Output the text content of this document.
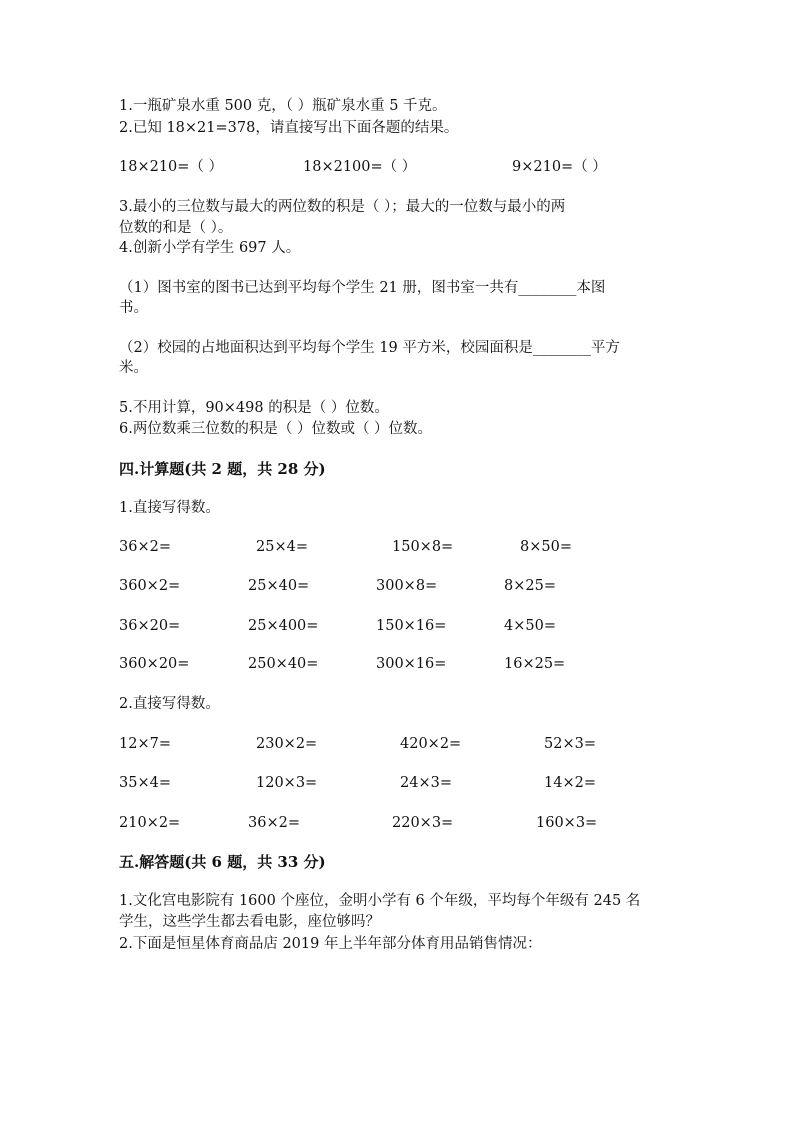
1.一瓶矿泉水重 500 克，（ ）瓶矿泉水重 5 千克。
2.已知 18×21=378，请直接写出下面各题的结果。
18×210=（ ）	18×2100=（ ）	9×210=（ ）
3.最小的三位数与最大的两位数的积是（ ）；最大的一位数与最小的两
位数的和是（ ）。
4.创新小学有学生 697 人。
（1）图书室的图书已达到平均每个学生 21 册，图书室一共有________本图
书。
（2）校园的占地面积达到平均每个学生 19 平方米，校园面积是________平方
米。
5.不用计算，90×498 的积是（ ）位数。
6.两位数乘三位数的积是（ ）位数或（ ）位数。
四.计算题(共 2 题，共 28 分)
1.直接写得数。
36×2=	25×4=	150×8=	8×50=
360×2=	25×40=	300×8=	8×25=
36×20=	25×400=	150×16=	4×50=
360×20=	250×40=	300×16=	16×25=
2.直接写得数。
12×7=	230×2=	420×2=	52×3=
35×4=	120×3=	24×3=	14×2=
210×2=	36×2=	220×3=	160×3=
五.解答题(共 6 题，共 33 分)
1.文化宫电影院有 1600 个座位，金明小学有 6 个年级，平均每个年级有 245 名
学生，这些学生都去看电影，座位够吗？
2.下面是恒星体育商品店 2019 年上半年部分体育用品销售情况：
